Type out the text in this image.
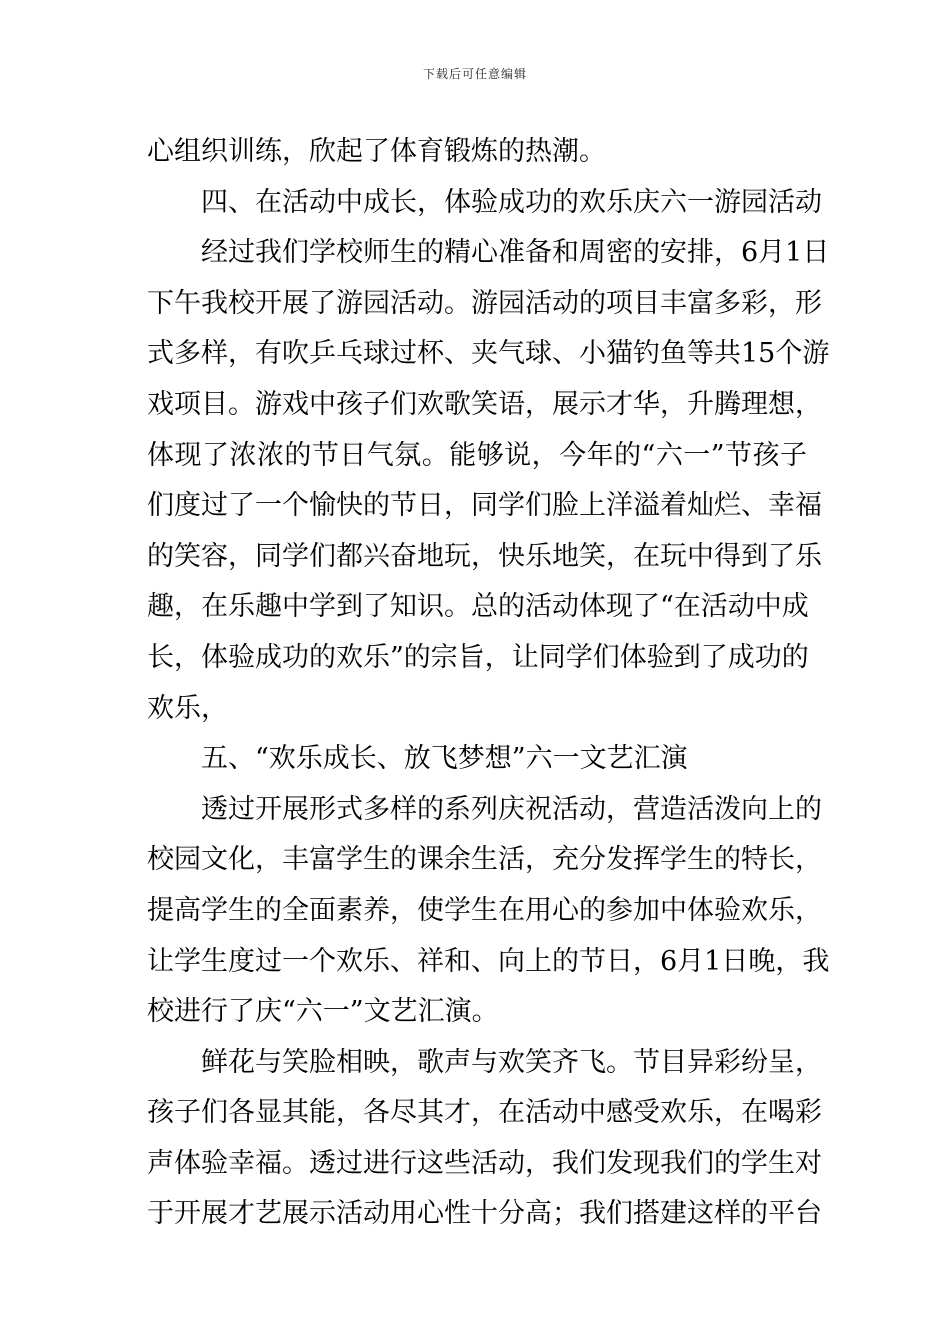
下载后可任意编辑
心组织训练，欣起了体育锻炼的热潮。
四、在活动中成长，体验成功的欢乐庆六一游园活动
经过我们学校师生的精心准备和周密的安排，6月1日
下午我校开展了游园活动。游园活动的项目丰富多彩，形
式多样，有吹乒乓球过杯、夹气球、小猫钓鱼等共15个游
戏项目。游戏中孩子们欢歌笑语，展示才华，升腾理想，
体现了浓浓的节日气氛。能够说，今年的“六一”节孩子
们度过了一个愉快的节日，同学们脸上洋溢着灿烂、幸福
的笑容，同学们都兴奋地玩，快乐地笑，在玩中得到了乐
趣，在乐趣中学到了知识。总的活动体现了“在活动中成
长，体验成功的欢乐”的宗旨，让同学们体验到了成功的
欢乐，
五、“欢乐成长、放飞梦想”六一文艺汇演
透过开展形式多样的系列庆祝活动，营造活泼向上的
校园文化，丰富学生的课余生活，充分发挥学生的特长，
提高学生的全面素养，使学生在用心的参加中体验欢乐，
让学生度过一个欢乐、祥和、向上的节日，6月1日晚，我
校进行了庆“六一”文艺汇演。
鲜花与笑脸相映，歌声与欢笑齐飞。节目异彩纷呈，
孩子们各显其能，各尽其才，在活动中感受欢乐，在喝彩
声体验幸福。透过进行这些活动，我们发现我们的学生对
于开展才艺展示活动用心性十分高；我们搭建这样的平台
